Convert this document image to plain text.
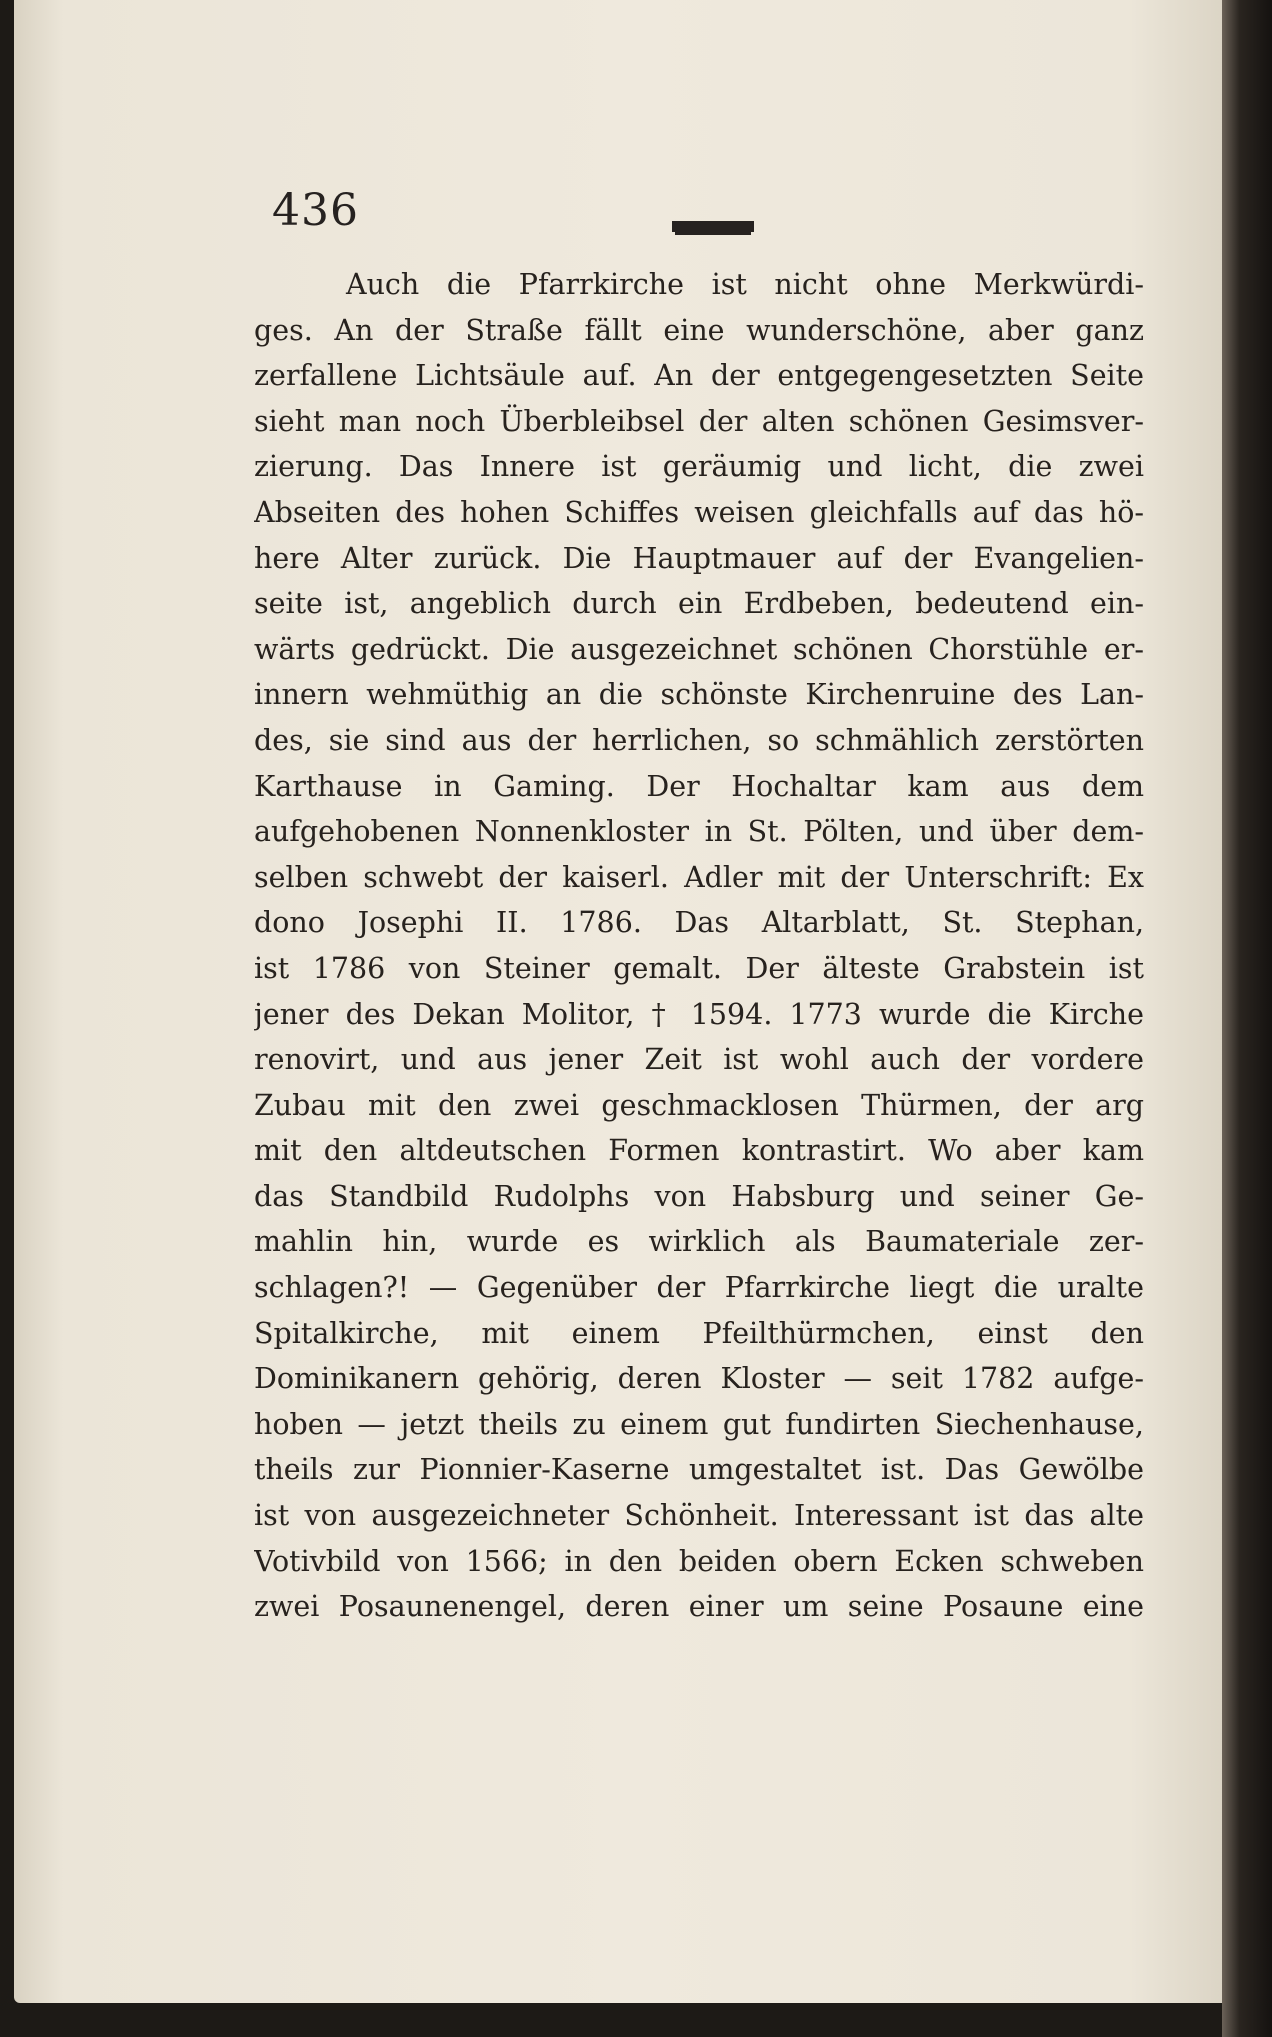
436
Auch die Pfarrkirche ist nicht ohne Merkwürdi-
ges. An der Straße fällt eine wunderschöne, aber ganz
zerfallene Lichtsäule auf. An der entgegengesetzten Seite
sieht man noch Überbleibsel der alten schönen Gesimsver-
zierung. Das Innere ist geräumig und licht, die zwei
Abseiten des hohen Schiffes weisen gleichfalls auf das hö-
here Alter zurück. Die Hauptmauer auf der Evangelien-
seite ist, angeblich durch ein Erdbeben, bedeutend ein-
wärts gedrückt. Die ausgezeichnet schönen Chorstühle er-
innern wehmüthig an die schönste Kirchenruine des Lan-
des, sie sind aus der herrlichen, so schmählich zerstörten
Karthause in Gaming. Der Hochaltar kam aus dem
aufgehobenen Nonnenkloster in St. Pölten, und über dem-
selben schwebt der kaiserl. Adler mit der Unterschrift: Ex
dono Josephi II. 1786. Das Altarblatt, St. Stephan,
ist 1786 von Steiner gemalt. Der älteste Grabstein ist
jener des Dekan Molitor, † 1594. 1773 wurde die Kirche
renovirt, und aus jener Zeit ist wohl auch der vordere
Zubau mit den zwei geschmacklosen Thürmen, der arg
mit den altdeutschen Formen kontrastirt. Wo aber kam
das Standbild Rudolphs von Habsburg und seiner Ge-
mahlin hin, wurde es wirklich als Baumateriale zer-
schlagen?! — Gegenüber der Pfarrkirche liegt die uralte
Spitalkirche, mit einem Pfeilthürmchen, einst den
Dominikanern gehörig, deren Kloster — seit 1782 aufge-
hoben — jetzt theils zu einem gut fundirten Siechenhause,
theils zur Pionnier-Kaserne umgestaltet ist. Das Gewölbe
ist von ausgezeichneter Schönheit. Interessant ist das alte
Votivbild von 1566; in den beiden obern Ecken schweben
zwei Posaunenengel, deren einer um seine Posaune eine
